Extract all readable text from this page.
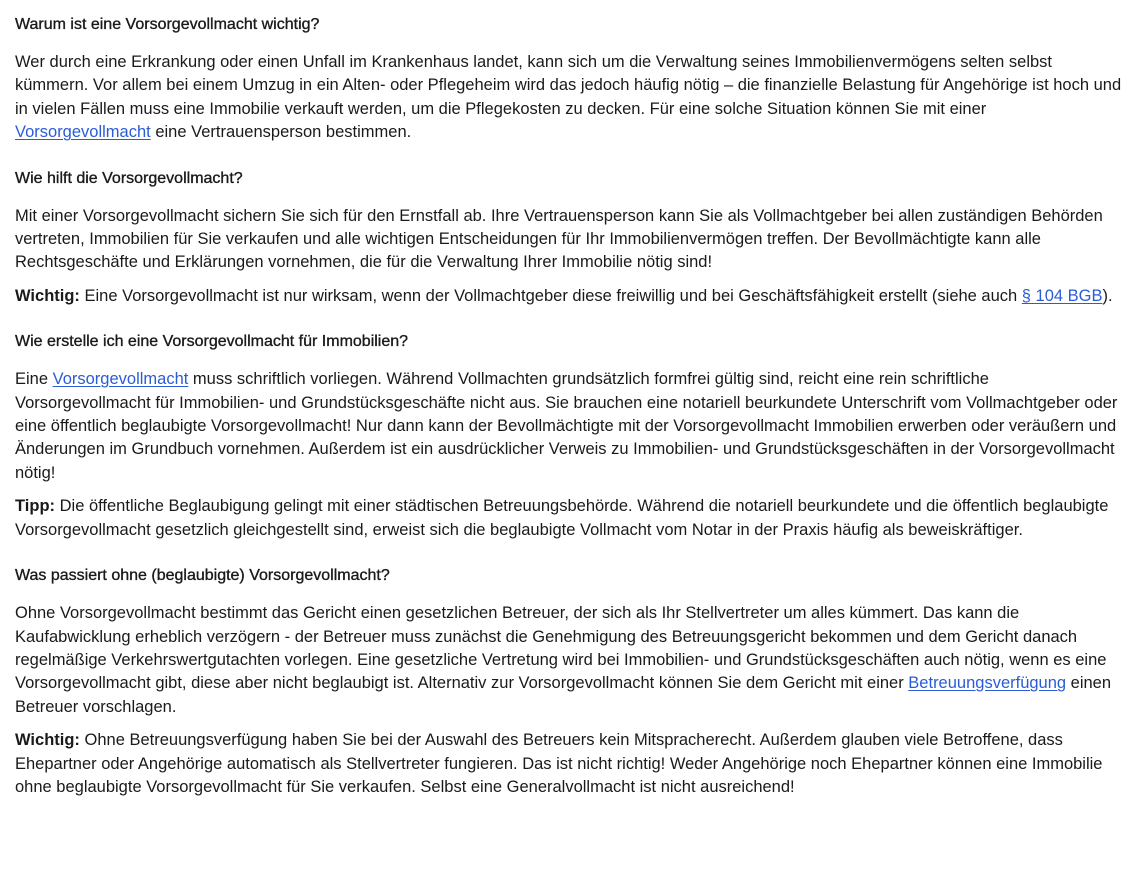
Warum ist eine Vorsorgevollmacht wichtig?

Wer durch eine Erkrankung oder einen Unfall im Krankenhaus landet, kann sich um die Verwaltung seines Immobilienvermögens selten selbst kümmern. Vor allem bei einem Umzug in ein Alten- oder Pflegeheim wird das jedoch häufig nötig – die finanzielle Belastung für Angehörige ist hoch und in vielen Fällen muss eine Immobilie verkauft werden, um die Pflegekosten zu decken. Für eine solche Situation können Sie mit einer Vorsorgevollmacht eine Vertrauensperson bestimmen.

Wie hilft die Vorsorgevollmacht?

Mit einer Vorsorgevollmacht sichern Sie sich für den Ernstfall ab. Ihre Vertrauensperson kann Sie als Vollmachtgeber bei allen zuständigen Behörden vertreten, Immobilien für Sie verkaufen und alle wichtigen Entscheidungen für Ihr Immobilienvermögen treffen. Der Bevollmächtigte kann alle Rechtsgeschäfte und Erklärungen vornehmen, die für die Verwaltung Ihrer Immobilie nötig sind!

Wichtig: Eine Vorsorgevollmacht ist nur wirksam, wenn der Vollmachtgeber diese freiwillig und bei Geschäftsfähigkeit erstellt (siehe auch § 104 BGB).

Wie erstelle ich eine Vorsorgevollmacht für Immobilien?

Eine Vorsorgevollmacht muss schriftlich vorliegen. Während Vollmachten grundsätzlich formfrei gültig sind, reicht eine rein schriftliche Vorsorgevollmacht für Immobilien- und Grundstücksgeschäfte nicht aus. Sie brauchen eine notariell beurkundete Unterschrift vom Vollmachtgeber oder eine öffentlich beglaubigte Vorsorgevollmacht! Nur dann kann der Bevollmächtigte mit der Vorsorgevollmacht Immobilien erwerben oder veräußern und Änderungen im Grundbuch vornehmen. Außerdem ist ein ausdrücklicher Verweis zu Immobilien- und Grundstücksgeschäften in der Vorsorgevollmacht nötig!

Tipp: Die öffentliche Beglaubigung gelingt mit einer städtischen Betreuungsbehörde. Während die notariell beurkundete und die öffentlich beglaubigte Vorsorgevollmacht gesetzlich gleichgestellt sind, erweist sich die beglaubigte Vollmacht vom Notar in der Praxis häufig als beweiskräftiger.

Was passiert ohne (beglaubigte) Vorsorgevollmacht?

Ohne Vorsorgevollmacht bestimmt das Gericht einen gesetzlichen Betreuer, der sich als Ihr Stellvertreter um alles kümmert. Das kann die Kaufabwicklung erheblich verzögern - der Betreuer muss zunächst die Genehmigung des Betreuungsgericht bekommen und dem Gericht danach regelmäßige Verkehrswertgutachten vorlegen. Eine gesetzliche Vertretung wird bei Immobilien- und Grundstücksgeschäften auch nötig, wenn es eine Vorsorgevollmacht gibt, diese aber nicht beglaubigt ist. Alternativ zur Vorsorgevollmacht können Sie dem Gericht mit einer Betreuungsverfügung einen Betreuer vorschlagen.

Wichtig: Ohne Betreuungsverfügung haben Sie bei der Auswahl des Betreuers kein Mitspracherecht. Außerdem glauben viele Betroffene, dass Ehepartner oder Angehörige automatisch als Stellvertreter fungieren. Das ist nicht richtig! Weder Angehörige noch Ehepartner können eine Immobilie ohne beglaubigte Vorsorgevollmacht für Sie verkaufen. Selbst eine Generalvollmacht ist nicht ausreichend!
